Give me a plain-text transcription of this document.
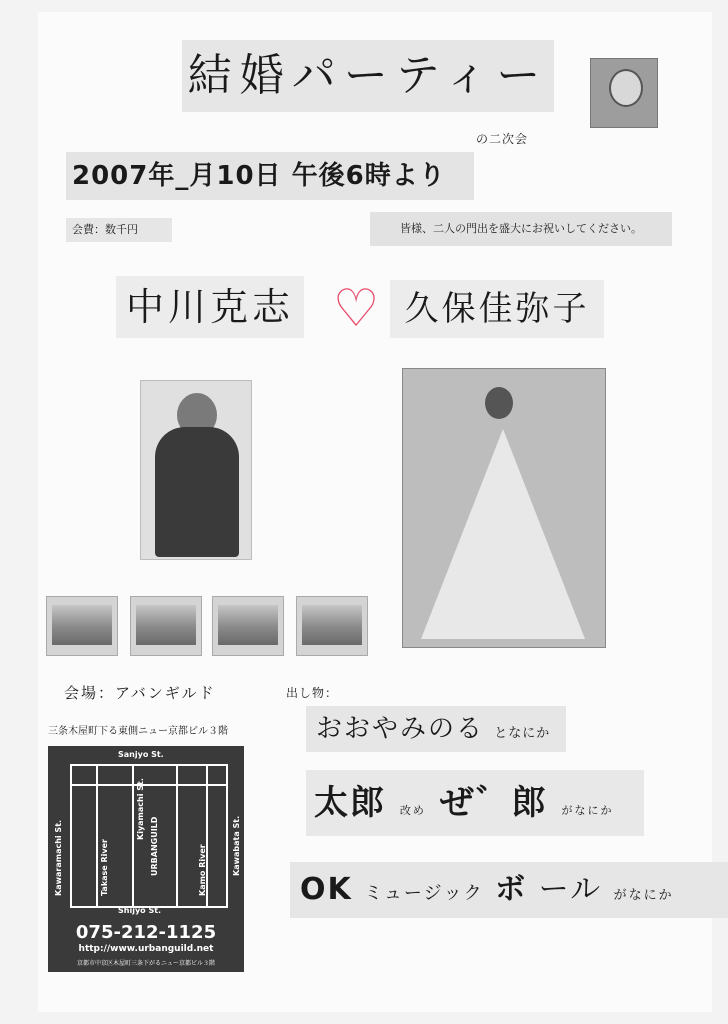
結婚パーティー
の二次会
2007年_月10日 午後6時より
会費：数千円	皆様、二人の門出を盛大にお祝いしてください。
中川克志 ♡ 久保佳弥子
会場：アバンギルド
三条木屋町下る東側ニュー京都ビル３階
出し物：
おおやみのる となにか
太郎 改め ぜ゛郎 がなにか
OK ミュージック ボ ール がなにか
Sanjyo St.
Kawaramachi St.	Kawabata St.
Takase River
Kiyamachi St.
URBANGUILD	Kamo River
Shijyo St.
075-212-1125
http://www.urbanguild.net
京都市中京区木屋町三条下がるニュー京都ビル３階
